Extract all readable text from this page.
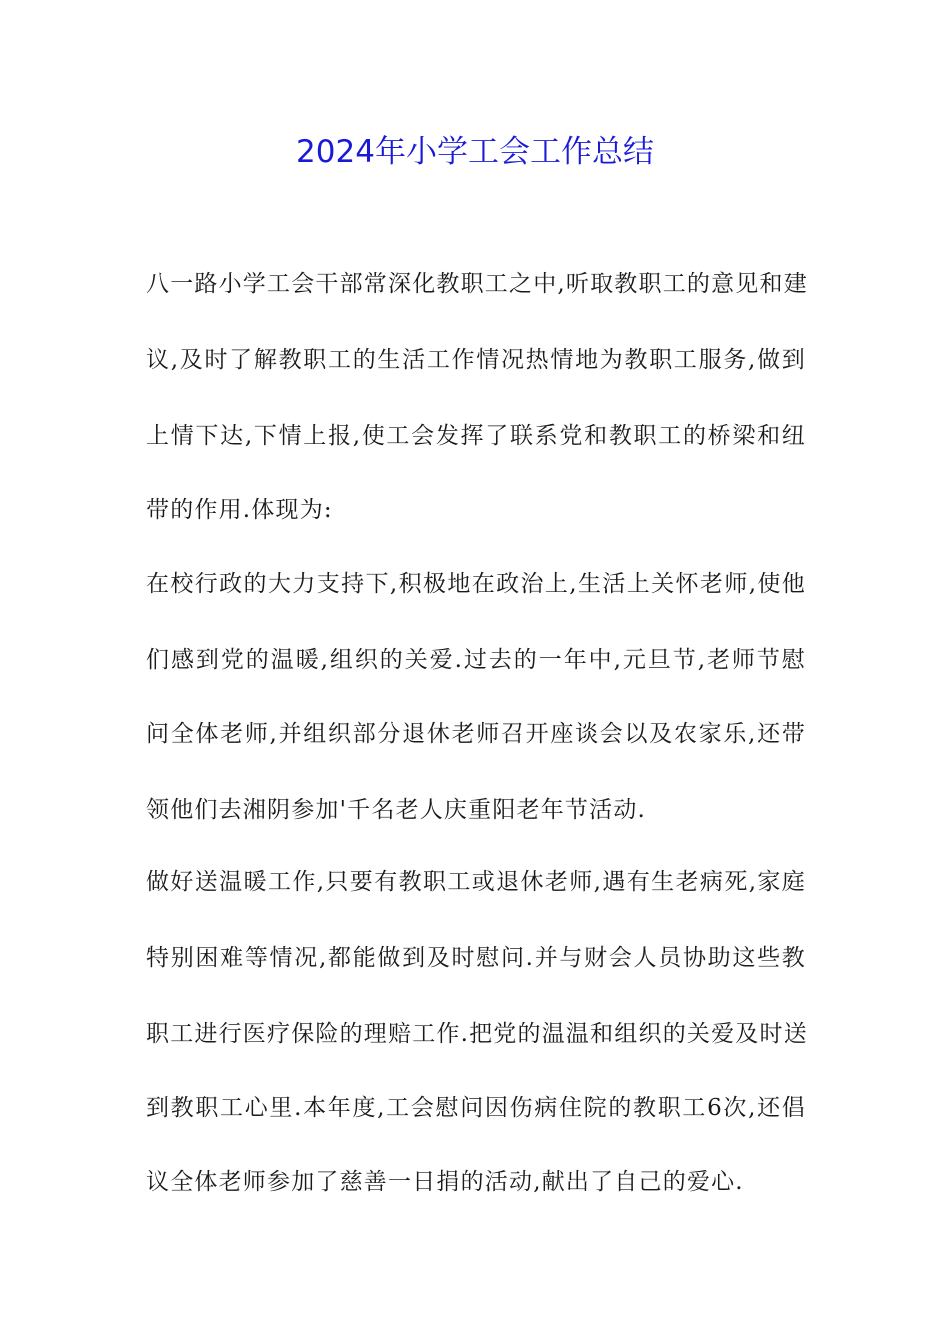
2024年小学工会工作总结
八一路小学工会干部常深化教职工之中,听取教职工的意见和建
议,及时了解教职工的生活工作情况热情地为教职工服务,做到
上情下达,下情上报,使工会发挥了联系党和教职工的桥梁和纽
带的作用.体现为:
在校行政的大力支持下,积极地在政治上,生活上关怀老师,使他
们感到党的温暖,组织的关爱.过去的一年中,元旦节,老师节慰
问全体老师,并组织部分退休老师召开座谈会以及农家乐,还带
领他们去湘阴参加'千名老人庆重阳老年节活动.
做好送温暖工作,只要有教职工或退休老师,遇有生老病死,家庭
特别困难等情况,都能做到及时慰问.并与财会人员协助这些教
职工进行医疗保险的理赔工作.把党的温温和组织的关爱及时送
到教职工心里.本年度,工会慰问因伤病住院的教职工6次,还倡
议全体老师参加了慈善一日捐的活动,献出了自己的爱心.
